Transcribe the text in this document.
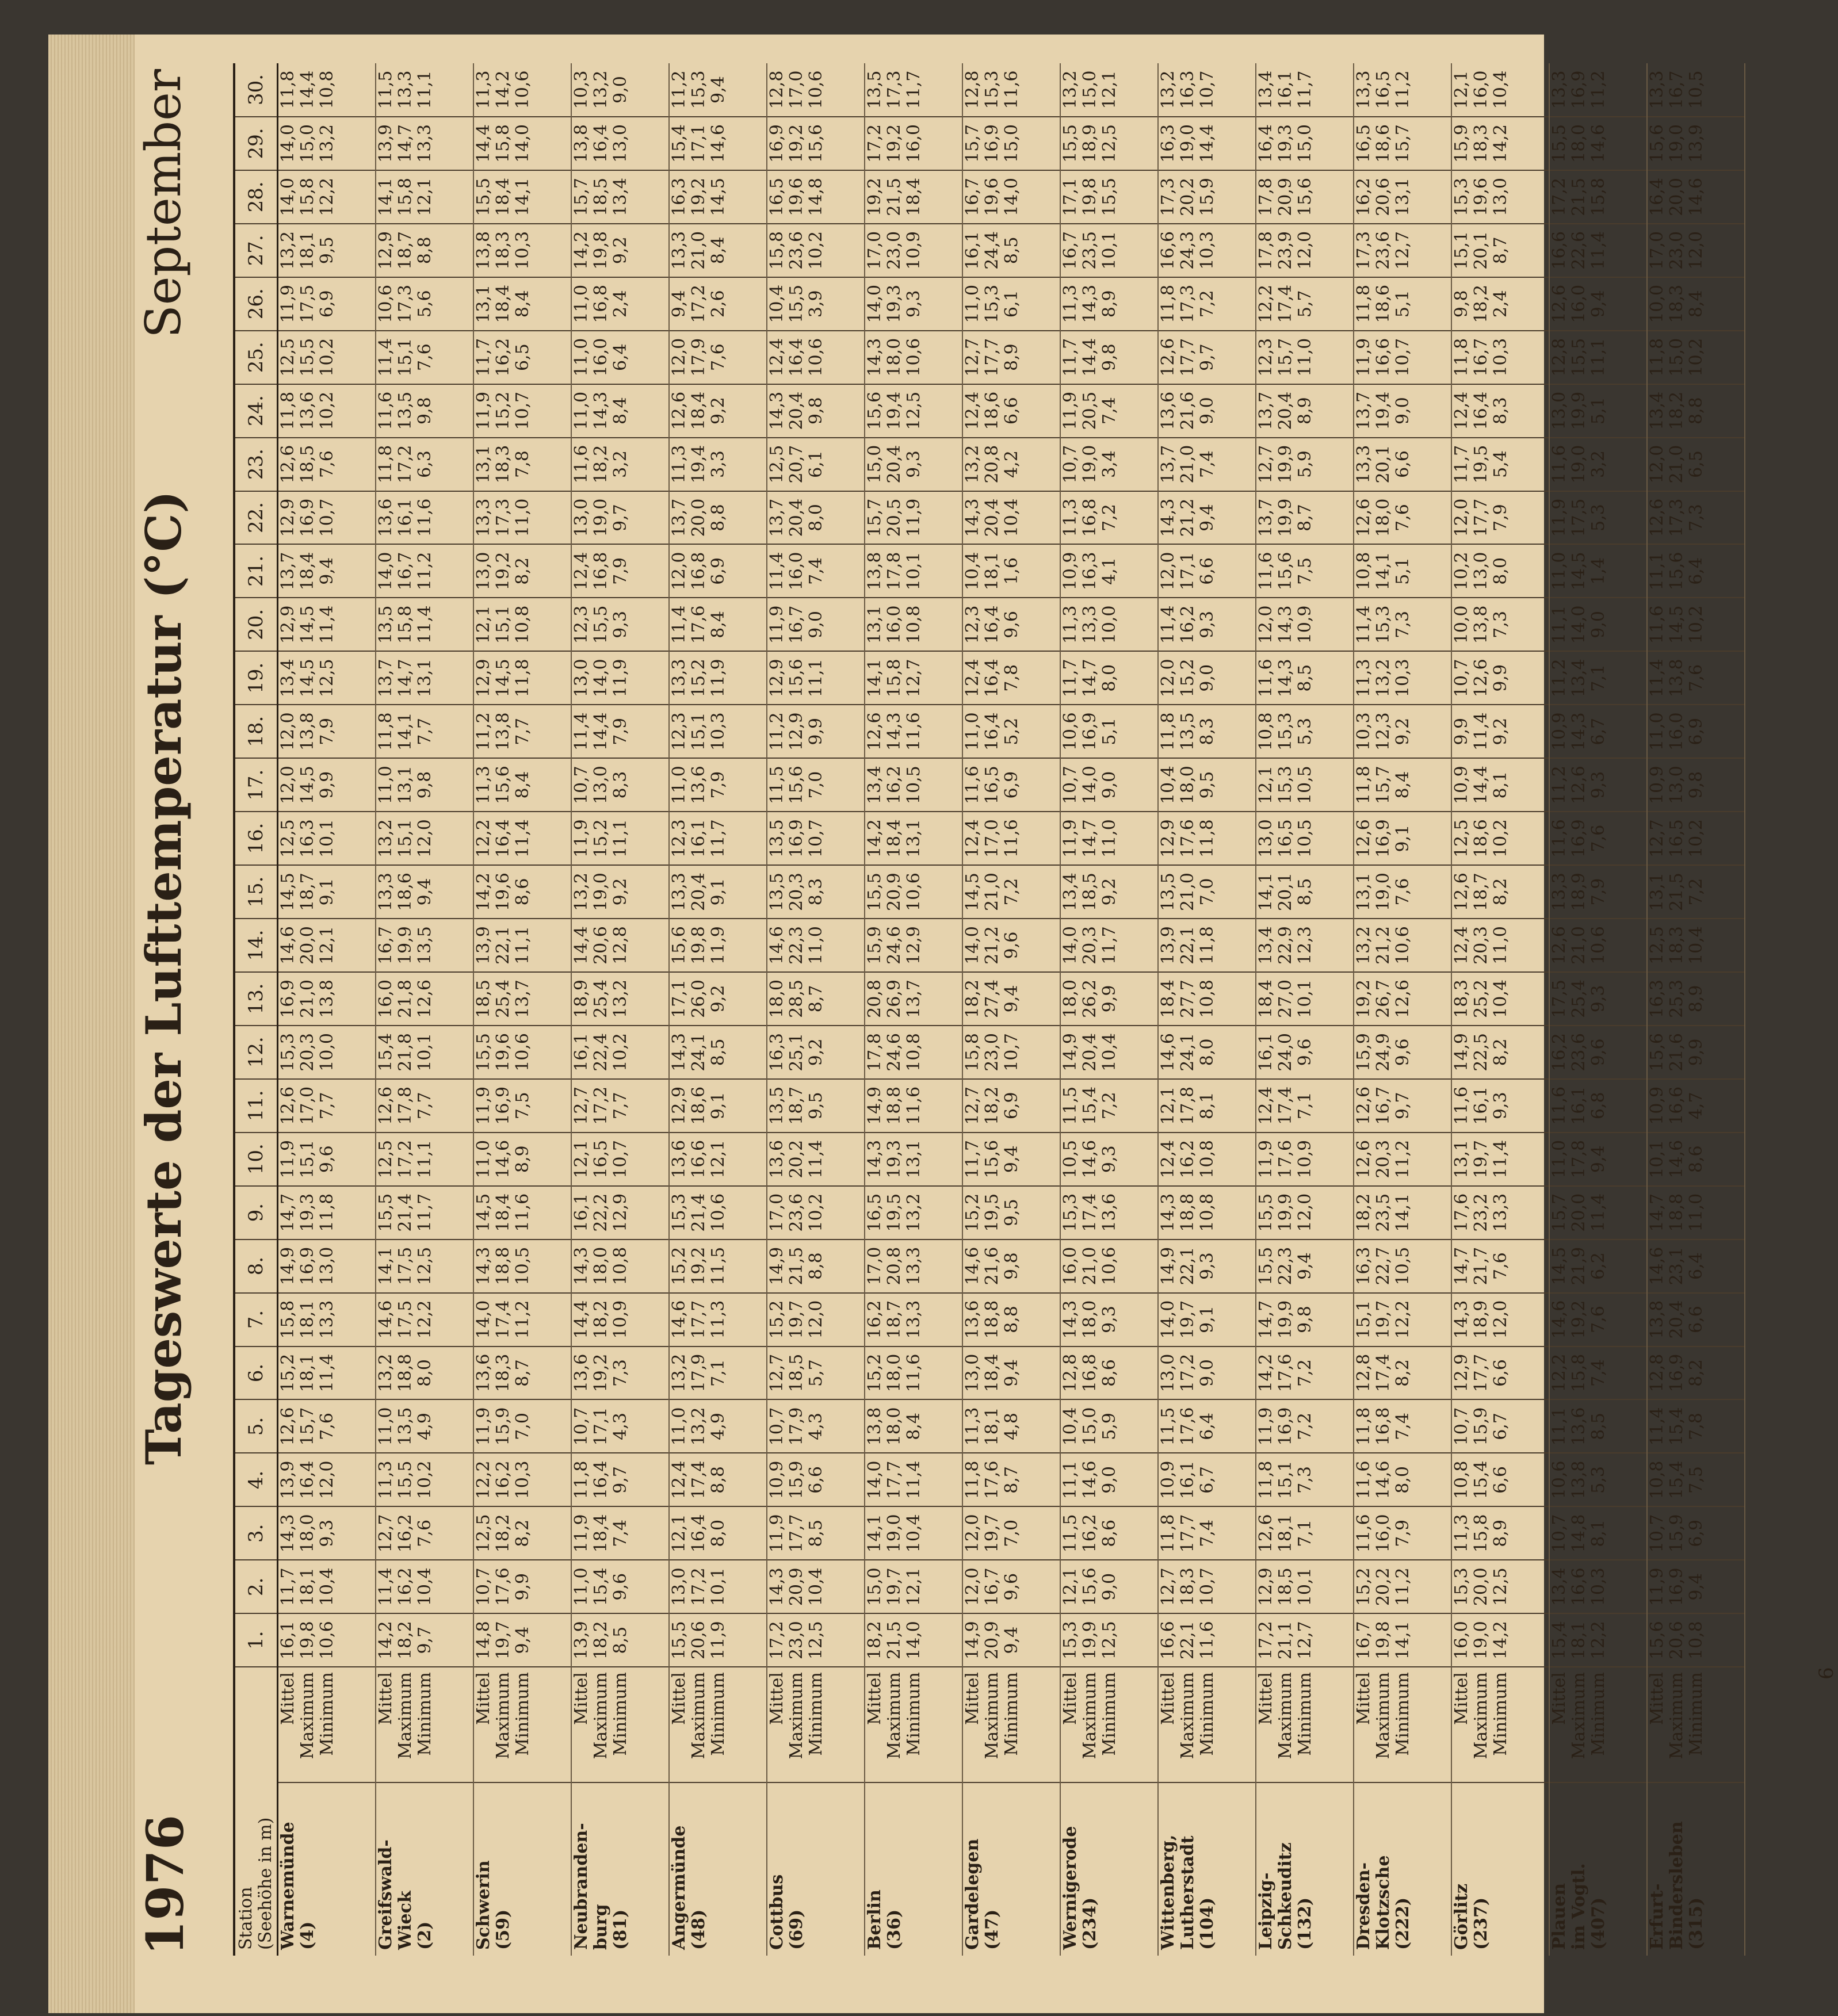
1976
Tageswerte der Lufttemperatur (°C)
September
Station (Seehöhe in m)		1.	2.	3.	4.	5.	6.	7.	8.	9.	10.	11.	12.	13.	14.	15.	16.	17.	18.	19.	20.	21.	22.	23.	24.	25.	26.	27.	28.	29.	30.

Warnemünde (4)	Mittel Maximum Minimum	16,1 19,8 10,6	11,7 18,1 10,4	14,3 18,0 9,3	13,9 16,4 12,0	12,6 15,7 7,6	15,2 18,1 11,4	15,8 18,1 13,3	14,9 16,9 13,0	14,7 19,3 11,8	11,9 15,1 9,6	12,6 17,0 7,7	15,3 20,3 10,0	16,9 21,0 13,8	14,6 20,0 12,1	14,5 18,7 9,1	12,5 16,3 10,1	12,0 14,5 9,9	12,0 13,8 7,9	13,4 14,5 12,5	12,9 14,5 11,4	13,7 18,4 9,4	12,9 16,9 10,7	12,6 18,5 7,6	11,8 13,6 10,2	12,5 15,5 10,2	11,9 17,5 6,9	13,2 18,1 9,5	14,0 15,8 12,2	14,0 15,0 13,2	11,8 14,4 10,8

Greifswald- Wieck (2)	Mittel Maximum Minimum	14,2 18,2 9,7	11,4 16,2 10,4	12,7 16,2 7,6	11,3 15,5 10,2	11,0 13,5 4,9	13,2 18,8 8,0	14,6 17,5 12,2	14,1 17,5 12,5	15,5 21,4 11,7	12,5 17,2 11,1	12,6 17,8 7,7	15,4 21,8 10,1	16,0 21,8 12,6	16,7 19,9 13,5	13,3 18,6 9,4	13,2 15,1 12,0	11,0 13,1 9,8	11,8 14,1 7,7	13,7 14,7 13,1	13,5 15,8 11,4	14,0 16,7 11,2	13,6 16,1 11,6	11,8 17,2 6,3	11,6 13,5 9,8	11,4 15,1 7,6	10,6 17,3 5,6	12,9 18,7 8,8	14,1 15,8 12,1	13,9 14,7 13,3	11,5 13,3 11,1

Schwerin (59)	Mittel Maximum Minimum	14,8 19,7 9,4	10,7 17,6 9,9	12,5 18,2 8,2	12,2 16,2 10,3	11,9 15,9 7,0	13,6 18,3 8,7	14,0 17,4 11,2	14,3 18,8 10,5	14,5 18,4 11,6	11,0 14,6 8,9	11,9 16,9 7,5	15,5 19,6 10,6	18,5 25,4 13,7	13,9 22,1 11,1	14,2 19,6 8,6	12,2 16,4 11,4	11,3 15,6 8,4	11,2 13,8 7,7	12,9 14,5 11,8	12,1 15,1 10,8	13,0 19,2 8,2	13,3 17,3 11,0	13,1 18,3 7,8	11,9 15,2 10,7	11,7 16,2 6,5	13,1 18,4 8,4	13,8 18,3 10,3	15,5 18,4 14,1	14,4 15,8 14,0	11,3 14,2 10,6

Neubranden- burg (81)	Mittel Maximum Minimum	13,9 18,2 8,5	11,0 15,4 9,6	11,9 18,4 7,4	11,8 16,4 9,7	10,7 17,1 4,3	13,6 19,2 7,3	14,4 18,2 10,9	14,3 18,0 10,8	16,1 22,2 12,9	12,1 16,5 10,7	12,7 17,2 7,7	16,1 22,4 10,2	18,9 25,4 13,2	14,4 20,6 12,8	13,2 19,0 9,2	11,9 15,2 11,1	10,7 13,0 8,3	11,4 14,4 7,9	13,0 14,0 11,9	12,3 15,5 9,3	12,4 16,8 7,9	13,0 19,0 9,7	11,6 18,2 3,2	11,0 14,3 8,4	11,0 16,0 6,4	11,0 16,8 2,4	14,2 19,8 9,2	15,7 18,5 13,4	13,8 16,4 13,0	10,3 13,2 9,0

Angermünde (48)	Mittel Maximum Minimum	15,5 20,6 11,9	13,0 17,2 10,1	12,1 16,4 8,0	12,4 17,4 8,8	11,0 13,2 4,9	13,2 17,9 7,1	14,6 17,7 11,3	15,2 19,2 11,5	15,3 21,4 10,6	13,6 16,6 12,1	12,9 18,6 9,1	14,3 24,1 8,5	17,1 26,0 9,2	15,6 19,8 11,9	13,3 20,4 9,1	12,3 16,1 11,7	11,0 13,6 7,9	12,3 15,1 10,3	13,3 15,2 11,9	11,4 17,6 8,4	12,0 16,8 6,9	13,7 20,0 8,8	11,3 19,4 3,3	12,6 18,4 9,2	12,0 17,9 7,6	9,4 17,2 2,6	13,3 21,0 8,4	16,3 19,2 14,5	15,4 17,1 14,6	11,2 15,3 9,4

Cottbus (69)	Mittel Maximum Minimum	17,2 23,0 12,5	14,3 20,9 10,4	11,9 17,7 8,5	10,9 15,9 6,6	10,7 17,9 4,3	12,7 18,5 5,7	15,2 19,7 12,0	14,9 21,5 8,8	17,0 23,6 10,2	13,6 20,2 11,4	13,5 18,7 9,5	16,3 25,1 9,2	18,0 28,5 8,7	14,6 22,3 11,0	13,5 20,3 8,3	13,5 16,9 10,7	11,5 15,6 7,0	11,2 12,9 9,9	12,9 15,6 11,1	11,9 16,7 9,0	11,4 16,0 7,4	13,7 20,4 8,0	12,5 20,7 6,1	14,3 20,4 9,8	12,4 16,4 10,6	10,4 15,5 3,9	15,8 23,6 10,2	16,5 19,6 14,8	16,9 19,2 15,6	12,8 17,0 10,6

Berlin (36)	Mittel Maximum Minimum	18,2 21,5 14,0	15,0 19,7 12,1	14,1 19,0 10,4	14,0 17,7 11,4	13,8 18,0 8,4	15,2 18,0 11,6	16,2 18,7 13,3	17,0 20,8 13,3	16,5 19,5 13,2	14,3 19,3 13,1	14,9 18,8 11,6	17,8 24,6 10,8	20,8 26,9 13,7	15,9 24,6 12,9	15,5 20,9 10,6	14,2 18,4 13,1	13,4 16,2 10,5	12,6 14,3 11,6	14,1 15,8 12,7	13,1 16,0 10,8	13,8 17,8 10,1	15,7 20,5 11,9	15,0 20,4 9,3	15,6 19,4 12,5	14,3 18,0 10,6	14,0 19,3 9,3	17,0 23,0 10,9	19,2 21,5 18,4	17,2 19,2 16,0	13,5 17,3 11,7

Gardelegen (47)	Mittel Maximum Minimum	14,9 20,9 9,4	12,0 16,7 9,6	12,0 19,7 7,0	11,8 17,6 8,7	11,3 18,1 4,8	13,0 18,4 9,4	13,6 18,8 8,8	14,6 21,6 9,8	15,2 19,5 9,5	11,7 15,6 9,4	12,7 18,2 6,9	15,8 23,0 10,7	18,2 27,4 9,4	14,0 21,2 9,6	14,5 21,0 7,2	12,4 17,0 11,6	11,6 16,5 6,9	11,0 16,4 5,2	12,4 16,4 7,8	12,3 16,4 9,6	10,4 18,1 1,6	14,3 20,4 10,4	13,2 20,8 4,2	12,4 18,6 6,6	12,7 17,7 8,9	11,0 15,3 6,1	16,1 24,4 8,5	16,7 19,6 14,0	15,7 16,9 15,0	12,8 15,3 11,6

Wernigerode (234)	Mittel Maximum Minimum	15,3 19,9 12,5	12,1 15,6 9,0	11,5 16,2 8,6	11,1 14,6 9,0	10,4 15,0 5,9	12,8 16,8 8,6	14,3 18,0 9,3	16,0 21,0 10,6	15,3 17,4 13,6	10,5 14,6 9,3	11,5 15,4 7,2	14,9 20,4 10,4	18,0 26,2 9,9	14,0 20,3 11,7	13,4 18,5 9,2	11,9 14,7 11,0	10,7 14,0 9,0	10,6 16,9 5,1	11,7 14,7 8,0	11,3 13,3 10,0	10,9 16,3 4,1	11,3 16,8 7,2	10,7 19,0 3,4	11,9 20,5 7,4	11,7 14,4 9,8	11,3 14,3 8,9	16,7 23,5 10,1	17,1 19,8 15,5	15,5 18,9 12,5	13,2 15,0 12,1

Wittenberg, Lutherstadt (104)	Mittel Maximum Minimum	16,6 22,1 11,6	12,7 18,3 10,7	11,8 17,7 7,4	10,9 16,1 6,7	11,5 17,6 6,4	13,0 17,2 9,0	14,0 19,7 9,1	14,9 22,1 9,3	14,3 18,8 10,8	12,4 16,2 10,8	12,1 17,8 8,1	14,6 24,1 8,0	18,4 27,7 10,8	13,9 22,1 11,8	13,5 21,0 7,0	12,9 17,6 11,8	10,4 18,0 9,5	11,8 13,5 8,3	12,0 15,2 9,0	11,4 16,2 9,3	12,0 17,1 6,6	14,3 21,2 9,4	13,7 21,0 7,4	13,6 21,6 9,0	12,6 17,7 9,7	11,8 17,3 7,2	16,6 24,3 10,3	17,3 20,2 15,9	16,3 19,0 14,4	13,2 16,3 10,7

Leipzig- Schkeuditz (132)	Mittel Maximum Minimum	17,2 21,1 12,7	12,9 18,5 10,1	12,6 18,1 7,1	11,8 15,1 7,3	11,9 16,9 7,2	14,2 17,6 7,2	14,7 19,9 9,8	15,5 22,3 9,4	15,5 19,9 12,0	11,9 17,6 10,9	12,4 17,4 7,1	16,1 24,0 9,6	18,4 27,0 10,1	13,4 22,9 12,3	14,1 20,1 8,5	13,0 16,5 10,5	12,1 15,3 10,5	10,8 15,3 5,3	11,6 14,3 8,5	12,0 14,3 10,9	11,6 15,6 7,5	13,7 19,9 8,7	12,7 19,9 5,9	13,7 20,4 8,9	12,3 15,7 11,0	12,2 17,4 5,7	17,8 23,9 12,0	17,8 20,9 15,6	16,4 19,3 15,0	13,4 16,1 11,7

Dresden- Klotzsche (222)	Mittel Maximum Minimum	16,7 19,8 14,1	15,2 20,2 11,2	11,6 16,0 7,9	11,6 14,6 8,0	11,8 16,8 7,4	12,8 17,4 8,2	15,1 19,7 12,2	16,3 22,7 10,5	18,2 23,5 14,1	12,6 20,3 11,2	12,6 16,7 9,7	15,9 24,9 9,6	19,2 26,7 12,6	13,2 21,2 10,6	13,1 19,0 7,6	12,6 16,9 9,1	11,8 15,7 8,4	10,3 12,3 9,2	11,3 13,2 10,3	11,4 15,3 7,3	10,8 14,1 5,1	12,6 18,0 7,6	13,3 20,1 6,6	13,7 19,4 9,0	11,9 16,6 10,7	11,8 18,6 5,1	17,3 23,6 12,7	16,2 20,6 13,1	16,5 18,6 15,7	13,3 16,5 11,2

Görlitz (237)	Mittel Maximum Minimum	16,0 19,0 14,2	15,3 20,0 12,5	11,3 15,8 8,9	10,8 15,4 6,6	10,7 15,9 6,7	12,9 17,7 6,6	14,3 18,9 12,0	14,7 21,7 7,6	17,6 23,2 13,3	13,1 19,7 11,4	11,6 16,1 9,3	14,9 22,5 8,2	18,3 25,2 10,4	12,4 20,3 11,0	12,6 18,7 8,2	12,5 18,6 10,2	10,9 14,4 8,1	9,9 11,4 9,2	10,7 12,6 9,9	10,0 13,8 7,3	10,2 13,0 8,0	12,0 17,7 7,9	11,7 19,5 5,4	12,4 16,4 8,3	11,8 16,7 10,3	9,8 18,2 2,4	15,1 20,1 8,7	15,3 19,6 13,0	15,9 18,3 14,2	12,1 16,0 10,4

Plauen im Vogtl. (407)	Mittel Maximum Minimum	15,4 18,1 12,2	13,4 16,6 10,3	10,7 14,8 8,1	10,6 13,8 5,3	11,1 13,6 8,5	12,2 15,8 7,4	14,6 19,2 7,6	14,5 21,9 6,2	15,7 20,0 11,4	11,0 17,8 9,4	11,6 16,1 6,8	16,2 23,6 9,6	17,5 25,4 9,3	12,6 21,0 10,6	13,3 18,9 7,9	11,6 16,9 7,6	11,2 12,6 9,3	10,9 14,3 6,7	11,2 13,4 7,1	11,1 14,0 9,0	11,0 14,5 1,4	11,9 17,5 5,3	11,6 19,0 3,2	13,0 19,9 5,1	12,8 15,5 11,1	12,6 16,0 9,4	16,6 22,6 11,4	17,2 21,5 15,8	15,5 18,0 14,6	13,3 16,9 11,2

Erfurt- Bindersleben (315)	Mittel Maximum Minimum	15,6 20,6 10,8	11,9 16,9 9,4	10,7 15,9 6,9	10,8 15,4 7,5	11,4 15,4 7,8	12,8 16,9 8,2	13,8 20,4 6,6	14,6 23,1 6,4	14,7 18,8 11,0	10,1 14,6 8,6	10,9 16,6 4,7	15,6 21,6 9,9	16,3 25,3 8,9	12,5 18,3 10,4	13,1 21,5 7,2	12,7 16,5 10,2	10,9 13,0 9,8	11,0 16,0 6,9	11,4 13,8 7,6	11,6 14,5 10,2	11,1 15,6 6,4	12,6 17,3 7,3	12,0 21,0 6,5	13,4 18,2 8,8	11,8 15,0 10,2	10,0 18,3 8,4	17,0 23,0 12,0	16,4 20,0 14,6	15,6 19,0 13,9	13,3 16,7 10,5
6
